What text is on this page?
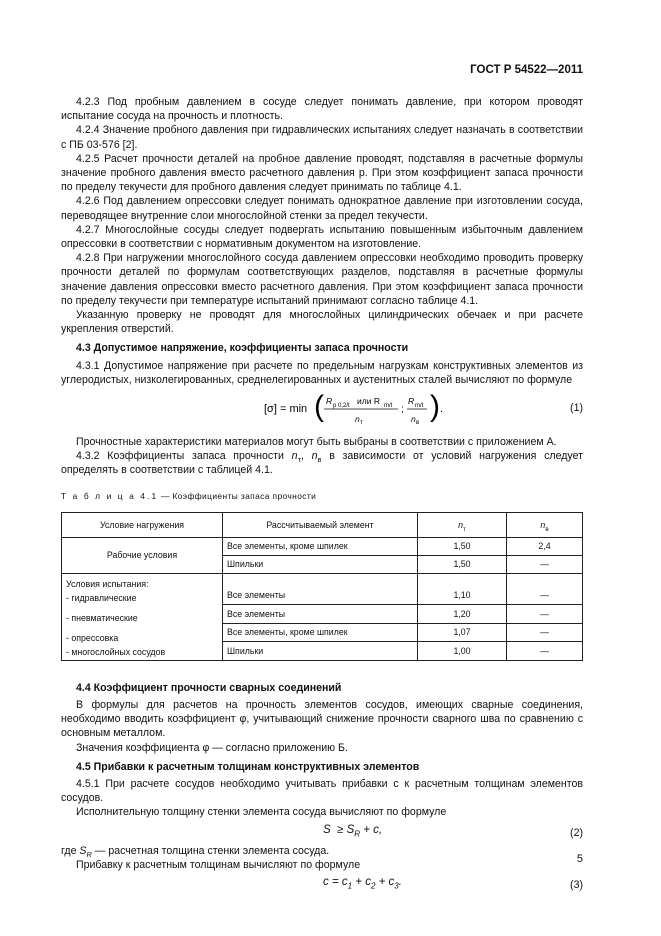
ГОСТ Р 54522—2011

4.2.3 Под пробным давлением в сосуде следует понимать давление, при котором проводят испытание сосуда на прочность и плотность.

4.2.4 Значение пробного давления при гидравлических испытаниях следует назначать в соответствии с ПБ 03-576 [2].

4.2.5 Расчет прочности деталей на пробное давление проводят, подставляя в расчетные формулы значение пробного давления вместо расчетного давления p. При этом коэффициент запаса прочности по пределу текучести для пробного давления следует принимать по таблице 4.1.

4.2.6 Под давлением опрессовки следует понимать однократное давление при изготовлении сосуда, переводящее внутренние слои многослойной стенки за предел текучести.

4.2.7 Многослойные сосуды следует подвергать испытанию повышенным избыточным давлением опрессовки в соответствии с нормативным документом на изготовление.

4.2.8 При нагружении многослойного сосуда давлением опрессовки необходимо проводить проверку прочности деталей по формулам соответствующих разделов, подставляя в расчетные формулы значение давления опрессовки вместо расчетного давления. При этом коэффициент запаса прочности по пределу текучести при температуре испытаний принимают согласно таблице 4.1.

Указанную проверку не проводят для многослойных цилиндрических обечаек и при расчете укрепления отверстий.

4.3 Допустимое напряжение, коэффициенты запаса прочности

4.3.1 Допустимое напряжение при расчете по предельным нагрузкам конструктивных элементов из углеродистых, низколегированных, среднелегированных и аустенитных сталей вычисляют по формуле

[σ] = min ( R p 0,2/t или R m/t
n т
;
R m/t
n в ) .	(1)

Прочностные характеристики материалов могут быть выбраны в соответствии с приложением А.

4.3.2 Коэффициенты запаса прочности $n_т$, $n_в$ в зависимости от условий нагружения следует определять в соответствии с таблицей 4.1.

Т а б л и ц а 4.1 — Коэффициенты запаса прочности
Условие нагружения	Рассчитываемый элемент	$n_т$	$n_в$
Рабочие условия	Все элементы, кроме шпилек	1,50	2,4
	Шпильки	1,50	—

Условия испытания:
- гидравлические
- пневматические
- опрессовка
- многослойных сосудов	Все элементы	1,10	—
	Все элементы	1,20	—
	Все элементы, кроме шпилек	1,07	—
	Шпильки	1,00	—
4.4 Коэффициент прочности сварных соединений

В формулы для расчетов на прочность элементов сосудов, имеющих сварные соединения, необходимо вводить коэффициент φ, учитывающий снижение прочности сварного шва по сравнению с основным металлом.

Значения коэффициента φ — согласно приложению Б.

4.5 Прибавки к расчетным толщинам конструктивных элементов

4.5.1 При расчете сосудов необходимо учитывать прибавки c к расчетным толщинам элементов сосудов.

Исполнительную толщину стенки элемента сосуда вычисляют по формуле

$S \ge S_R + c$,	(2)

где $S_R$ — расчетная толщина стенки элемента сосуда.

Прибавку к расчетным толщинам вычисляют по формуле

$c = c_1 + c_2 + c_3$.	(3)
5
